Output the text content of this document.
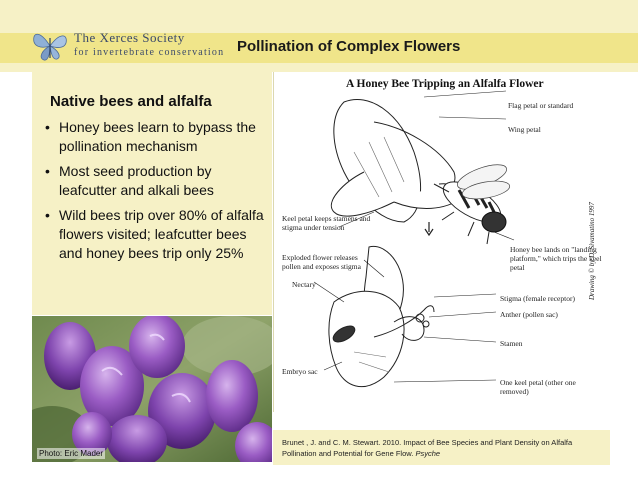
The Xerces Society
for invertebrate conservation Pollination of Complex Flowers
Native bees and alfalfa
• Honey bees learn to bypass the pollination mechanism
• Most seed production by leafcutter and alkali bees
• Wild bees trip over 80% of alfalfa flowers visited; leafcutter bees and honey bees trip only 25%
Photo: Eric Mader
A Honey Bee Tripping an Alfalfa Flower
Flag petal or standard
Wing petal
Keel petal keeps stamens and stigma under tension
Honey bee lands on "landing platform," which trips the keel petal
Exploded flower releases pollen and exposes stigma
Nectary
Stigma (female receptor)
Anther (pollen sac)
Stamen
Embryo sac
One keel petal (other one removed)
Drawing © by D. Sivamatino 1997
Brunet , J. and C. M. Stewart. 2010. Impact of Bee Species and Plant Density on Alfalfa Pollination and Potential for Gene Flow. Psyche
